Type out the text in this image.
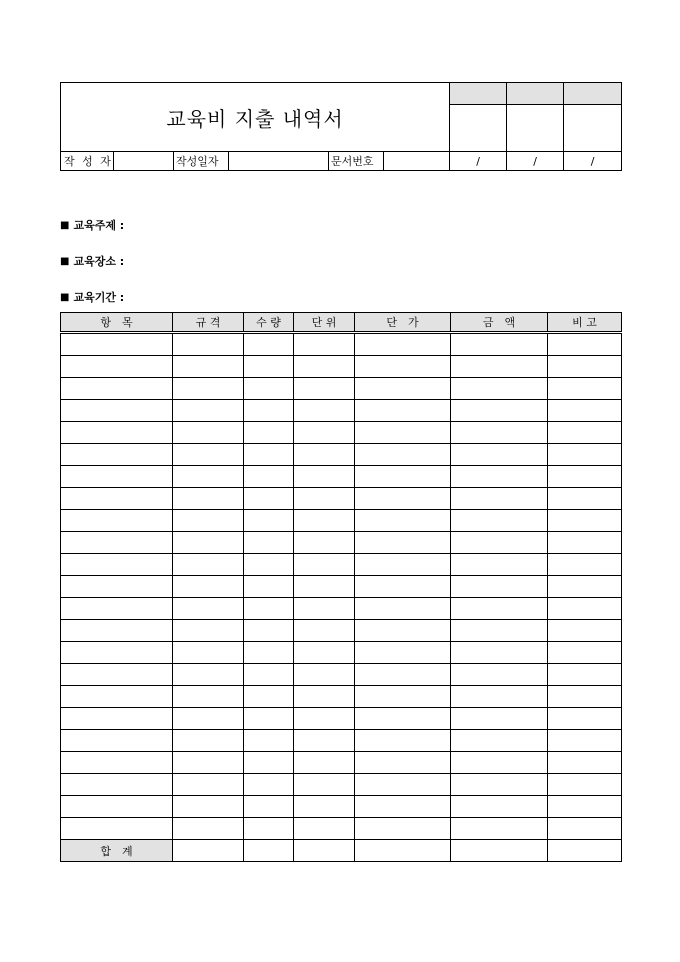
교육비 지출 내역서								

작 성 자		작성일자		문서번호		/	/	/
■ 교육주제 :
■ 교육장소 :
■ 교육기간 :
항　목	규 격	수 량	단 위	단　가	금　액	비 고

합　계						
